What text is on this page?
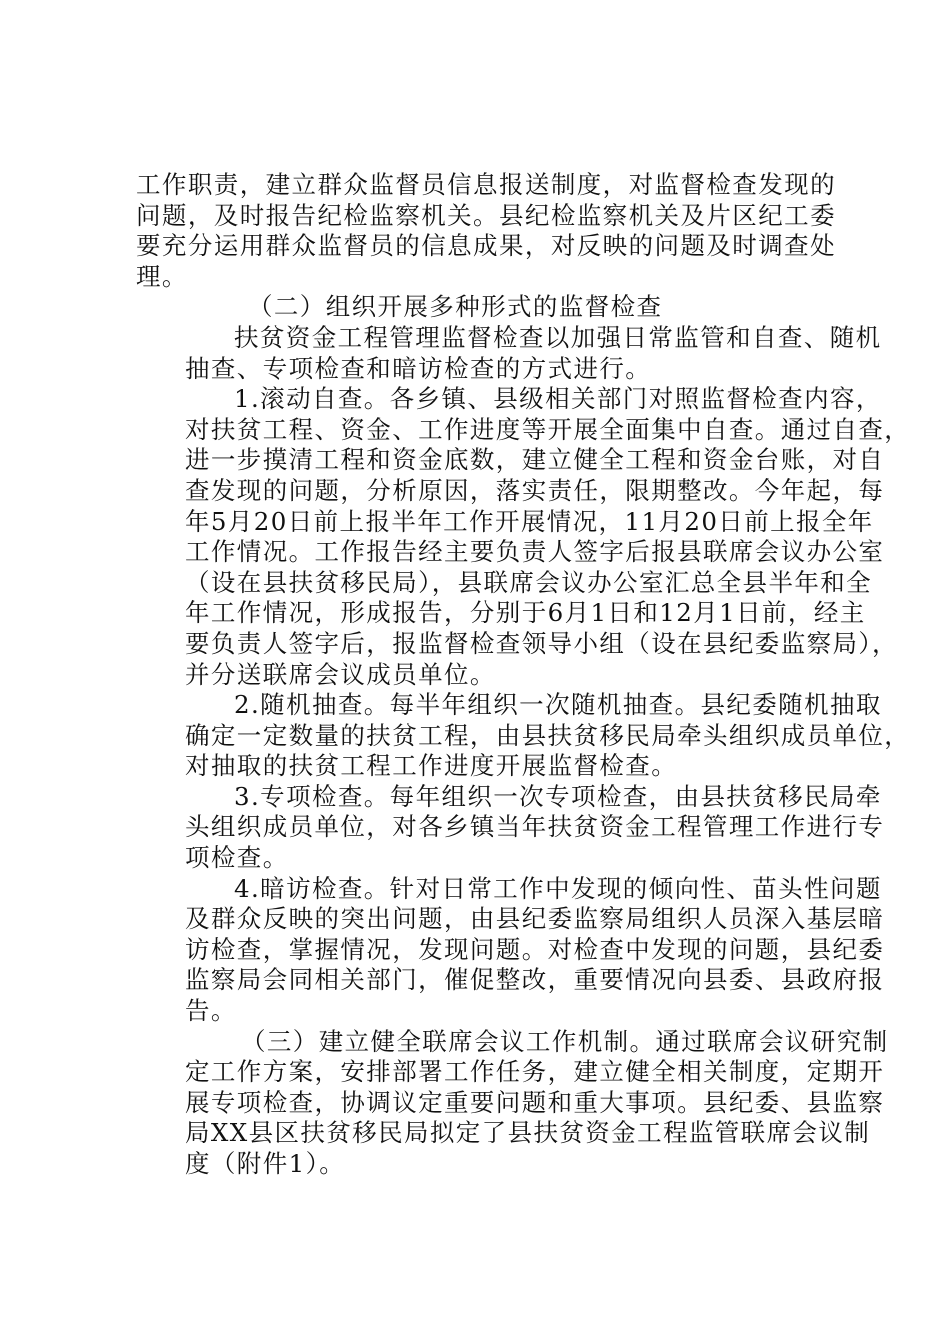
工作职责，建立群众监督员信息报送制度，对监督检查发现的
问题，及时报告纪检监察机关。县纪检监察机关及片区纪工委
要充分运用群众监督员的信息成果，对反映的问题及时调查处
理。
（二）组织开展多种形式的监督检查
扶贫资金工程管理监督检查以加强日常监管和自查、随机
抽查、专项检查和暗访检查的方式进行。
1.滚动自查。各乡镇、县级相关部门对照监督检查内容，
对扶贫工程、资金、工作进度等开展全面集中自查。通过自查，
进一步摸清工程和资金底数，建立健全工程和资金台账，对自
查发现的问题，分析原因，落实责任，限期整改。今年起，每
年5月20日前上报半年工作开展情况，11月20日前上报全年
工作情况。工作报告经主要负责人签字后报县联席会议办公室
（设在县扶贫移民局），县联席会议办公室汇总全县半年和全
年工作情况，形成报告，分别于6月1日和12月1日前，经主
要负责人签字后，报监督检查领导小组（设在县纪委监察局），
并分送联席会议成员单位。
2.随机抽查。每半年组织一次随机抽查。县纪委随机抽取
确定一定数量的扶贫工程，由县扶贫移民局牵头组织成员单位，
对抽取的扶贫工程工作进度开展监督检查。
3.专项检查。每年组织一次专项检查，由县扶贫移民局牵
头组织成员单位，对各乡镇当年扶贫资金工程管理工作进行专
项检查。
4.暗访检查。针对日常工作中发现的倾向性、苗头性问题
及群众反映的突出问题，由县纪委监察局组织人员深入基层暗
访检查，掌握情况，发现问题。对检查中发现的问题，县纪委
监察局会同相关部门，催促整改，重要情况向县委、县政府报
告。
（三）建立健全联席会议工作机制。通过联席会议研究制
定工作方案，安排部署工作任务，建立健全相关制度，定期开
展专项检查，协调议定重要问题和重大事项。县纪委、县监察
局XX县区扶贫移民局拟定了县扶贫资金工程监管联席会议制
度（附件1）。
